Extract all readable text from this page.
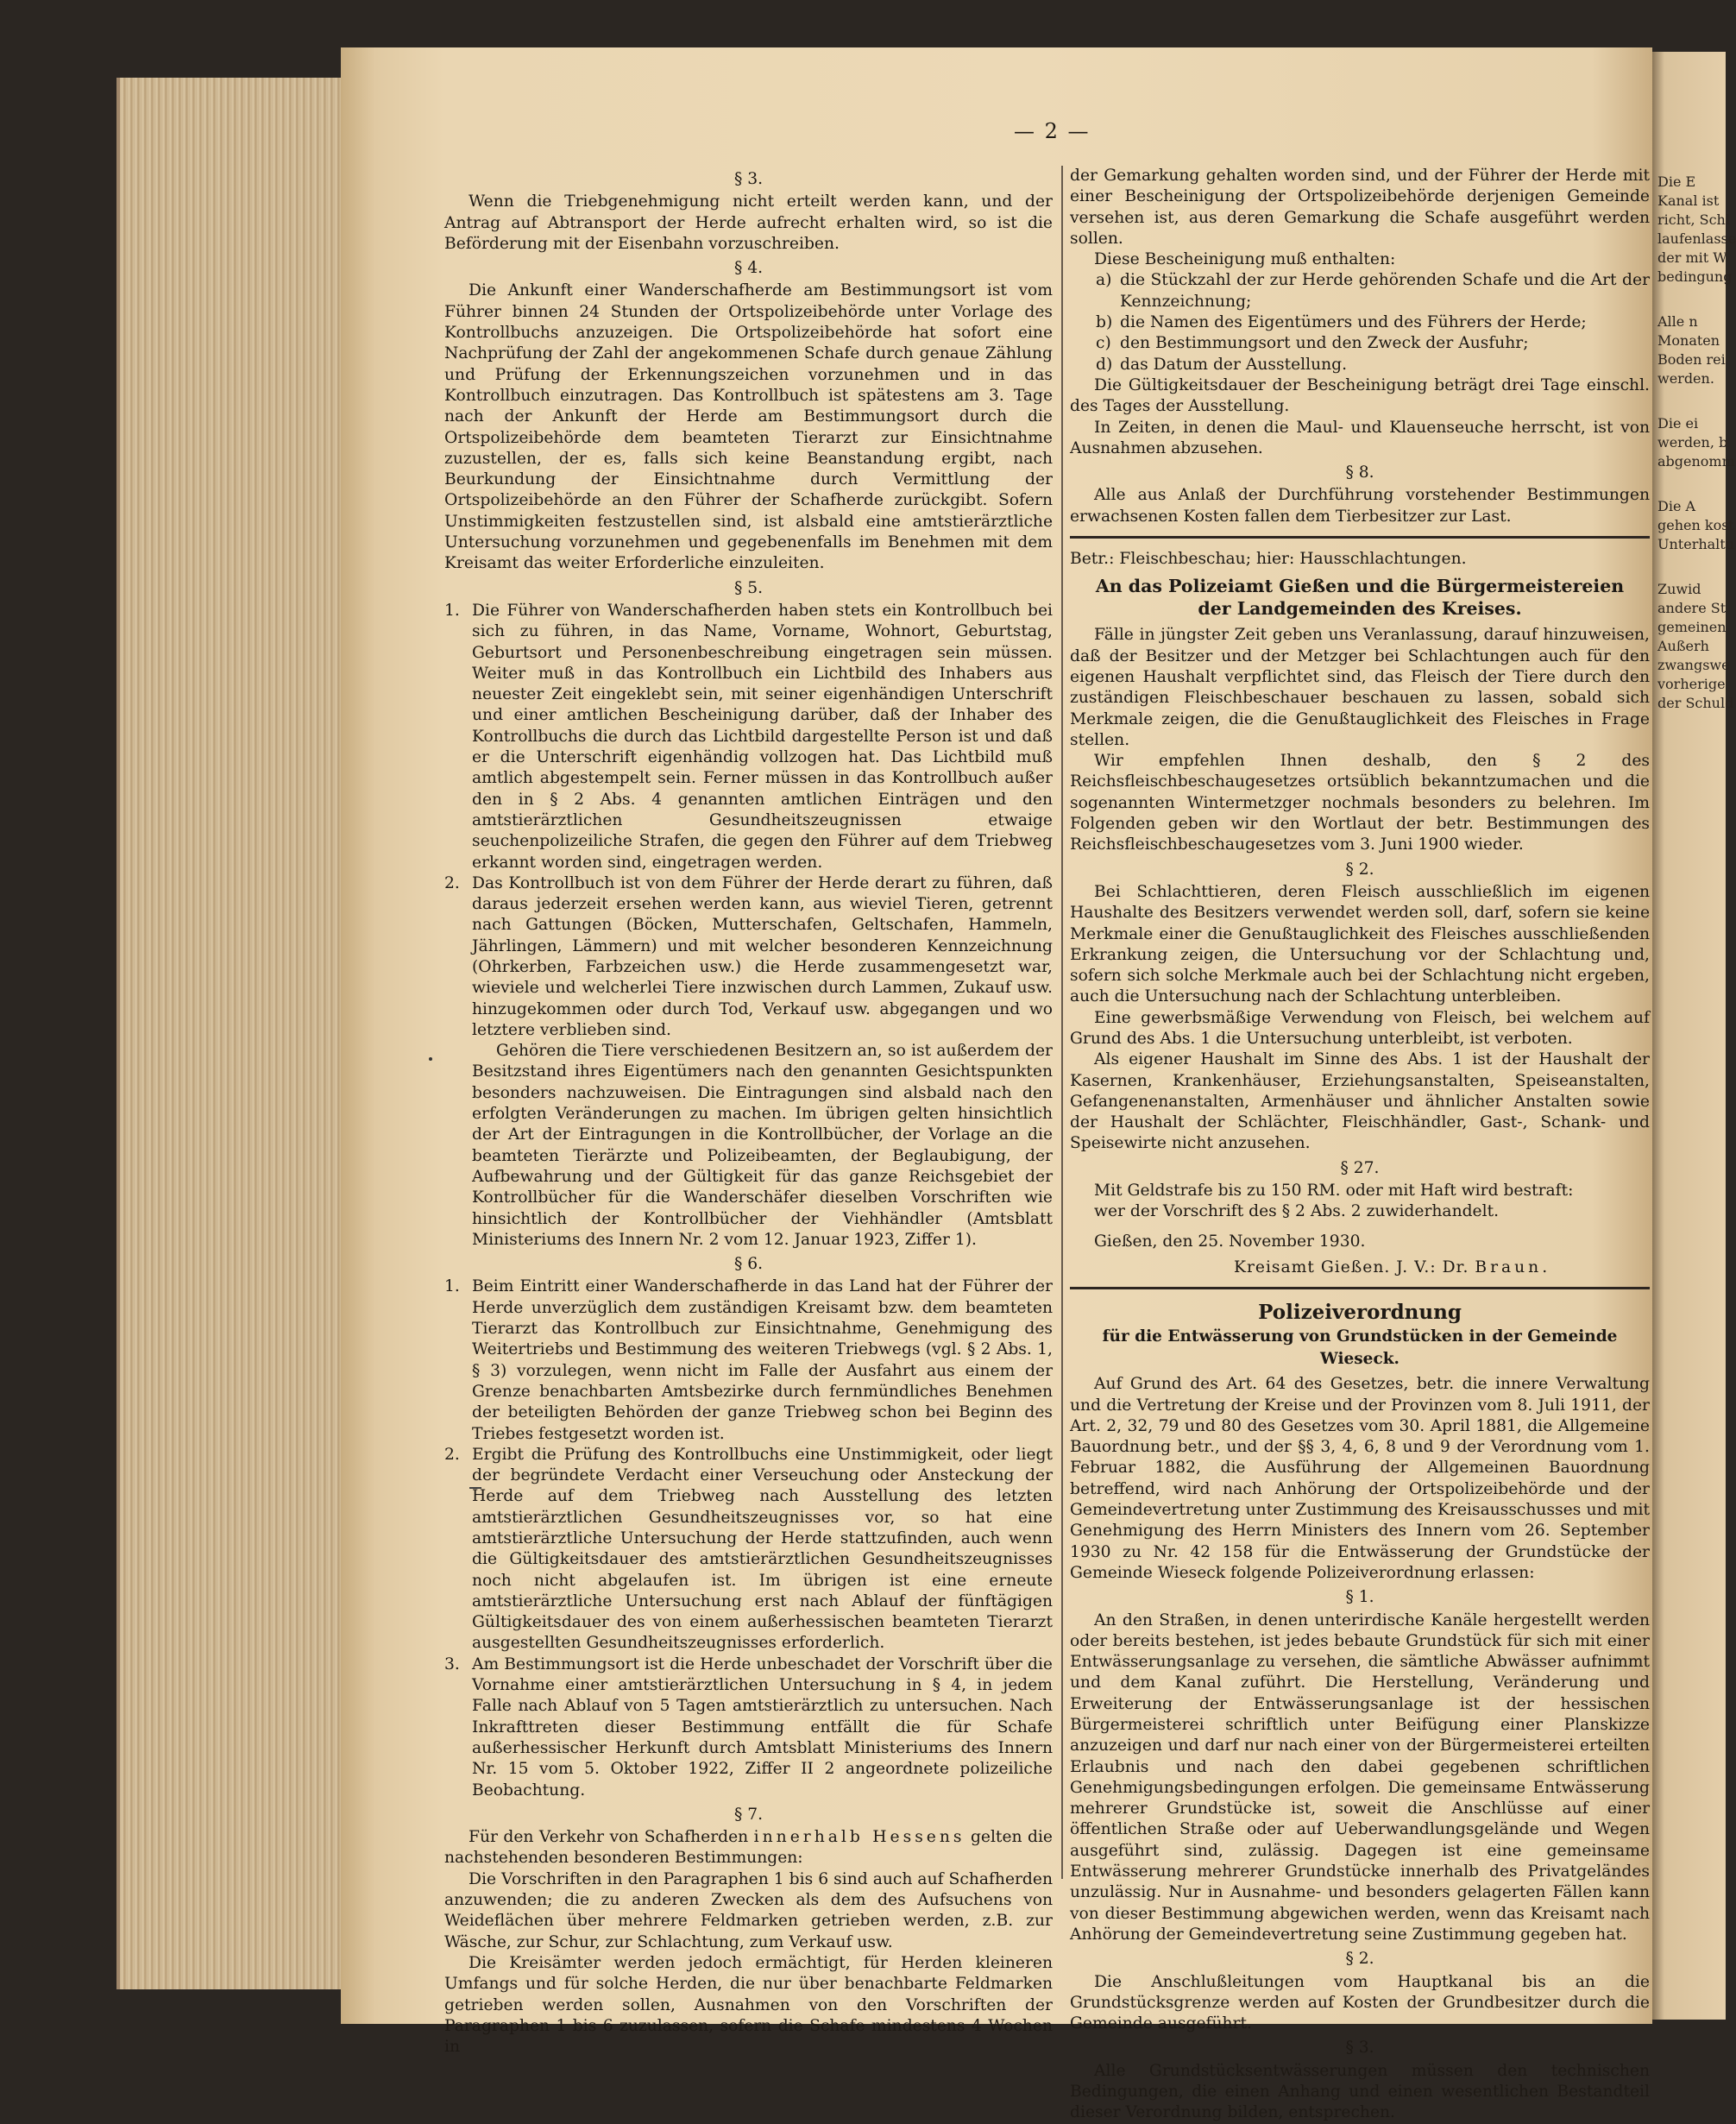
Die E
Kanal ist
richt, Schl
laufenlasse
der mit W
bedingung
Alle n
Monaten
Boden rei
werden.
Die ei
werden, b
abgenomm
Die A
gehen kost
Unterhaltu
Zuwid
andere St
gemeinen
Außerh
zwangswe
vorherige
der Schuld
— 2 —

§ 3.

Wenn die Triebgenehmigung nicht erteilt werden kann, und der Antrag auf Abtransport der Herde aufrecht erhalten wird, so ist die Beförderung mit der Eisenbahn vorzuschreiben.

§ 4.

Die Ankunft einer Wanderschafherde am Bestimmungsort ist vom Führer binnen 24 Stunden der Ortspolizeibehörde unter Vorlage des Kontrollbuchs anzuzeigen. Die Ortspolizeibehörde hat sofort eine Nachprüfung der Zahl der angekommenen Schafe durch genaue Zählung und Prüfung der Erkennungszeichen vorzunehmen und in das Kontrollbuch einzutragen. Das Kontrollbuch ist spätestens am 3. Tage nach der Ankunft der Herde am Bestimmungsort durch die Ortspolizeibehörde dem beamteten Tierarzt zur Einsichtnahme zuzustellen, der es, falls sich keine Beanstandung ergibt, nach Beurkundung der Einsichtnahme durch Vermittlung der Ortspolizeibehörde an den Führer der Schafherde zurückgibt. Sofern Unstimmigkeiten festzustellen sind, ist alsbald eine amtstierärztliche Untersuchung vorzunehmen und gegebenenfalls im Benehmen mit dem Kreisamt das weiter Erforderliche einzuleiten.

§ 5.

1. Die Führer von Wanderschafherden haben stets ein Kontrollbuch bei sich zu führen, in das Name, Vorname, Wohnort, Geburtstag, Geburtsort und Personenbeschreibung eingetragen sein müssen. Weiter muß in das Kontrollbuch ein Lichtbild des Inhabers aus neuester Zeit eingeklebt sein, mit seiner eigenhändigen Unterschrift und einer amtlichen Bescheinigung darüber, daß der Inhaber des Kontrollbuchs die durch das Lichtbild dargestellte Person ist und daß er die Unterschrift eigenhändig vollzogen hat. Das Lichtbild muß amtlich abgestempelt sein. Ferner müssen in das Kontrollbuch außer den in § 2 Abs. 4 genannten amtlichen Einträgen und den amtstierärztlichen Gesundheitszeugnissen etwaige seuchenpolizeiliche Strafen, die gegen den Führer auf dem Triebweg erkannt worden sind, eingetragen werden.

2. Das Kontrollbuch ist von dem Führer der Herde derart zu führen, daß daraus jederzeit ersehen werden kann, aus wieviel Tieren, getrennt nach Gattungen (Böcken, Mutterschafen, Geltschafen, Hammeln, Jährlingen, Lämmern) und mit welcher besonderen Kennzeichnung (Ohrkerben, Farbzeichen usw.) die Herde zusammengesetzt war, wieviele und welcherlei Tiere inzwischen durch Lammen, Zukauf usw. hinzugekommen oder durch Tod, Verkauf usw. abgegangen und wo letztere verblieben sind.

Gehören die Tiere verschiedenen Besitzern an, so ist außerdem der Besitzstand ihres Eigentümers nach den genannten Gesichtspunkten besonders nachzuweisen. Die Eintragungen sind alsbald nach den erfolgten Veränderungen zu machen. Im übrigen gelten hinsichtlich der Art der Eintragungen in die Kontrollbücher, der Vorlage an die beamteten Tierärzte und Polizeibeamten, der Beglaubigung, der Aufbewahrung und der Gültigkeit für das ganze Reichsgebiet der Kontrollbücher für die Wanderschäfer dieselben Vorschriften wie hinsichtlich der Kontrollbücher der Viehhändler (Amtsblatt Ministeriums des Innern Nr. 2 vom 12. Januar 1923, Ziffer 1).

§ 6.

1. Beim Eintritt einer Wanderschafherde in das Land hat der Führer der Herde unverzüglich dem zuständigen Kreisamt bzw. dem beamteten Tierarzt das Kontrollbuch zur Einsichtnahme, Genehmigung des Weitertriebs und Bestimmung des weiteren Triebwegs (vgl. § 2 Abs. 1, § 3) vorzulegen, wenn nicht im Falle der Ausfahrt aus einem der Grenze benachbarten Amtsbezirke durch fernmündliches Benehmen der beteiligten Behörden der ganze Triebweg schon bei Beginn des Triebes festgesetzt worden ist.

2. Ergibt die Prüfung des Kontrollbuchs eine Unstimmigkeit, oder liegt der begründete Verdacht einer Verseuchung oder Ansteckung der Herde auf dem Triebweg nach Ausstellung des letzten amtstierärztlichen Gesundheitszeugnisses vor, so hat eine amtstierärztliche Untersuchung der Herde stattzufinden, auch wenn die Gültigkeitsdauer des amtstierärztlichen Gesundheitszeugnisses noch nicht abgelaufen ist. Im übrigen ist eine erneute amtstierärztliche Untersuchung erst nach Ablauf der fünftägigen Gültigkeitsdauer des von einem außerhessischen beamteten Tierarzt ausgestellten Gesundheitszeugnisses erforderlich.

3. Am Bestimmungsort ist die Herde unbeschadet der Vorschrift über die Vornahme einer amtstierärztlichen Untersuchung in § 4, in jedem Falle nach Ablauf von 5 Tagen amtstierärztlich zu untersuchen. Nach Inkrafttreten dieser Bestimmung entfällt die für Schafe außerhessischer Herkunft durch Amtsblatt Ministeriums des Innern Nr. 15 vom 5. Oktober 1922, Ziffer II 2 angeordnete polizeiliche Beobachtung.

§ 7.

Für den Verkehr von Schafherden innerhalb Hessens gelten die nachstehenden besonderen Bestimmungen:

Die Vorschriften in den Paragraphen 1 bis 6 sind auch auf Schafherden anzuwenden; die zu anderen Zwecken als dem des Aufsuchens von Weideflächen über mehrere Feldmarken getrieben werden, z.B. zur Wäsche, zur Schur, zur Schlachtung, zum Verkauf usw.

Die Kreisämter werden jedoch ermächtigt, für Herden kleineren Umfangs und für solche Herden, die nur über benachbarte Feldmarken getrieben werden sollen, Ausnahmen von den Vorschriften der Paragraphen 1 bis 6 zuzulassen, sofern die Schafe mindestens 4 Wochen in

der Gemarkung gehalten worden sind, und der Führer der Herde mit einer Bescheinigung der Ortspolizeibehörde derjenigen Gemeinde versehen ist, aus deren Gemarkung die Schafe ausgeführt werden sollen.

Diese Bescheinigung muß enthalten:

a) die Stückzahl der zur Herde gehörenden Schafe und die Art der Kennzeichnung;

b) die Namen des Eigentümers und des Führers der Herde;

c) den Bestimmungsort und den Zweck der Ausfuhr;

d) das Datum der Ausstellung.

Die Gültigkeitsdauer der Bescheinigung beträgt drei Tage einschl. des Tages der Ausstellung.

In Zeiten, in denen die Maul- und Klauenseuche herrscht, ist von Ausnahmen abzusehen.

§ 8.

Alle aus Anlaß der Durchführung vorstehender Bestimmungen erwachsenen Kosten fallen dem Tierbesitzer zur Last.

Betr.: Fleischbeschau; hier: Hausschlachtungen.

An das Polizeiamt Gießen und die Bürgermeistereien

der Landgemeinden des Kreises.

Fälle in jüngster Zeit geben uns Veranlassung, darauf hinzuweisen, daß der Besitzer und der Metzger bei Schlachtungen auch für den eigenen Haushalt verpflichtet sind, das Fleisch der Tiere durch den zuständigen Fleischbeschauer beschauen zu lassen, sobald sich Merkmale zeigen, die die Genußtauglichkeit des Fleisches in Frage stellen.

Wir empfehlen Ihnen deshalb, den § 2 des Reichsfleischbeschaugesetzes ortsüblich bekanntzumachen und die sogenannten Wintermetzger nochmals besonders zu belehren. Im Folgenden geben wir den Wortlaut der betr. Bestimmungen des Reichsfleischbeschaugesetzes vom 3. Juni 1900 wieder.

§ 2.

Bei Schlachttieren, deren Fleisch ausschließlich im eigenen Haushalte des Besitzers verwendet werden soll, darf, sofern sie keine Merkmale einer die Genußtauglichkeit des Fleisches ausschließenden Erkrankung zeigen, die Untersuchung vor der Schlachtung und, sofern sich solche Merkmale auch bei der Schlachtung nicht ergeben, auch die Untersuchung nach der Schlachtung unterbleiben.

Eine gewerbsmäßige Verwendung von Fleisch, bei welchem auf Grund des Abs. 1 die Untersuchung unterbleibt, ist verboten.

Als eigener Haushalt im Sinne des Abs. 1 ist der Haushalt der Kasernen, Krankenhäuser, Erziehungsanstalten, Speiseanstalten, Gefangenenanstalten, Armenhäuser und ähnlicher Anstalten sowie der Haushalt der Schlächter, Fleischhändler, Gast-, Schank- und Speisewirte nicht anzusehen.

§ 27.

Mit Geldstrafe bis zu 150 RM. oder mit Haft wird bestraft:

wer der Vorschrift des § 2 Abs. 2 zuwiderhandelt.

Gießen, den 25. November 1930.

Kreisamt Gießen. J. V.: Dr. Braun.

Polizeiverordnung

für die Entwässerung von Grundstücken in der Gemeinde Wieseck.

Auf Grund des Art. 64 des Gesetzes, betr. die innere Verwaltung und die Vertretung der Kreise und der Provinzen vom 8. Juli 1911, der Art. 2, 32, 79 und 80 des Gesetzes vom 30. April 1881, die Allgemeine Bauordnung betr., und der §§ 3, 4, 6, 8 und 9 der Verordnung vom 1. Februar 1882, die Ausführung der Allgemeinen Bauordnung betreffend, wird nach Anhörung der Ortspolizeibehörde und der Gemeindevertretung unter Zustimmung des Kreisausschusses und mit Genehmigung des Herrn Ministers des Innern vom 26. September 1930 zu Nr. 42 158 für die Entwässerung der Grundstücke der Gemeinde Wieseck folgende Polizeiverordnung erlassen:

§ 1.

An den Straßen, in denen unterirdische Kanäle hergestellt werden oder bereits bestehen, ist jedes bebaute Grundstück für sich mit einer Entwässerungsanlage zu versehen, die sämtliche Abwässer aufnimmt und dem Kanal zuführt. Die Herstellung, Veränderung und Erweiterung der Entwässerungsanlage ist der hessischen Bürgermeisterei schriftlich unter Beifügung einer Planskizze anzuzeigen und darf nur nach einer von der Bürgermeisterei erteilten Erlaubnis und nach den dabei gegebenen schriftlichen Genehmigungsbedingungen erfolgen. Die gemeinsame Entwässerung mehrerer Grundstücke ist, soweit die Anschlüsse auf einer öffentlichen Straße oder auf Ueberwandlungsgelände und Wegen ausgeführt sind, zulässig. Dagegen ist eine gemeinsame Entwässerung mehrerer Grundstücke innerhalb des Privatgeländes unzulässig. Nur in Ausnahme- und besonders gelagerten Fällen kann von dieser Bestimmung abgewichen werden, wenn das Kreisamt nach Anhörung der Gemeindevertretung seine Zustimmung gegeben hat.

§ 2.

Die Anschlußleitungen vom Hauptkanal bis an die Grundstücksgrenze werden auf Kosten der Grundbesitzer durch die Gemeinde ausgeführt.

§ 3.

Alle Grundstücksentwässerungen müssen den technischen Bedingungen, die einen Anhang und einen wesentlichen Bestandteil dieser Verordnung bilden, entsprechen.
